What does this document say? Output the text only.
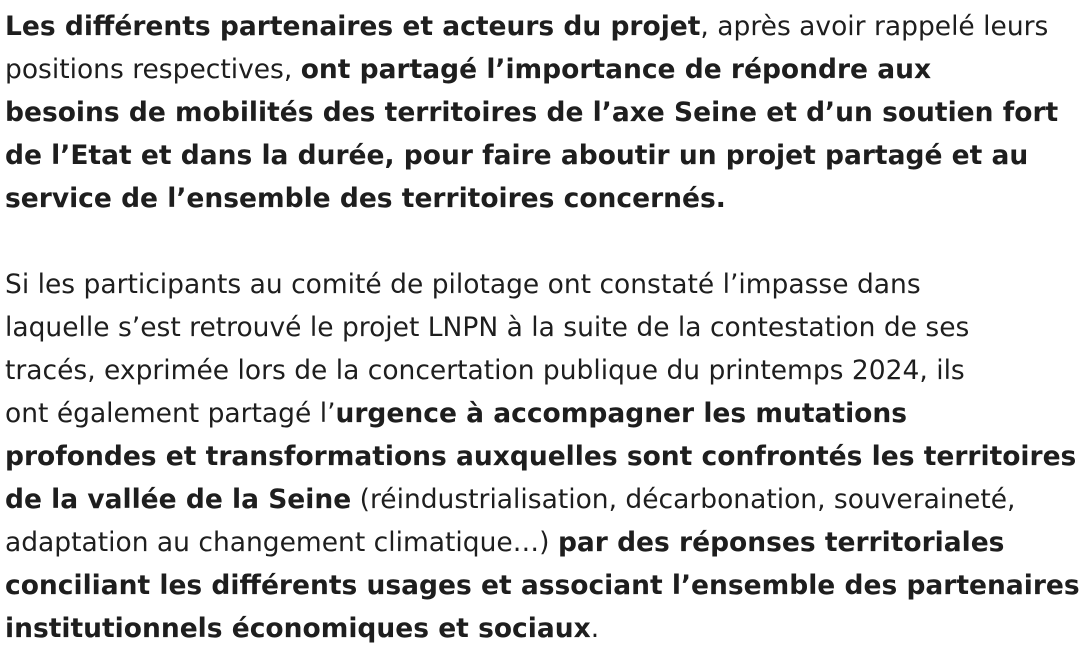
Les différents partenaires et acteurs du projet, après avoir rappelé leurs
positions respectives, ont partagé l’importance de répondre aux
besoins de mobilités des territoires de l’axe Seine et d’un soutien fort
de l’Etat et dans la durée, pour faire aboutir un projet partagé et au
service de l’ensemble des territoires concernés.

Si les participants au comité de pilotage ont constaté l’impasse dans
laquelle s’est retrouvé le projet LNPN à la suite de la contestation de ses
tracés, exprimée lors de la concertation publique du printemps 2024, ils
ont également partagé l’urgence à accompagner les mutations
profondes et transformations auxquelles sont confrontés les territoires
de la vallée de la Seine (réindustrialisation, décarbonation, souveraineté,
adaptation au changement climatique…) par des réponses territoriales
conciliant les différents usages et associant l’ensemble des partenaires
institutionnels économiques et sociaux.
